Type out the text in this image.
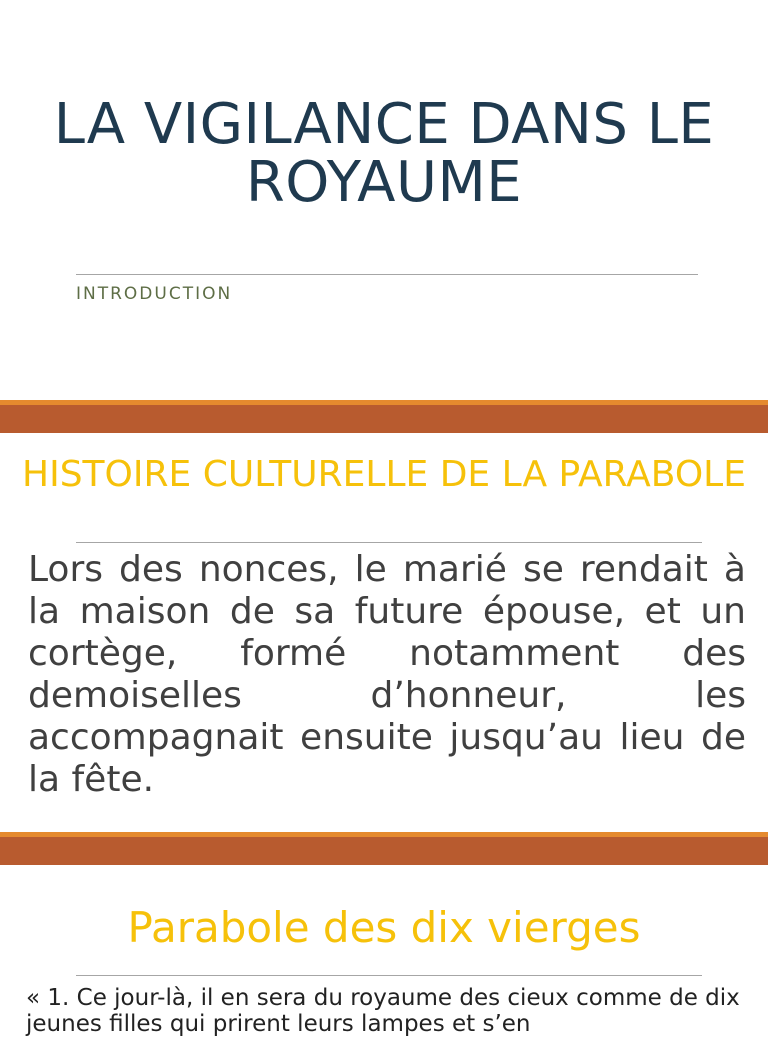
LA VIGILANCE DANS LE ROYAUME
INTRODUCTION
HISTOIRE CULTURELLE DE LA PARABOLE

Lors des nonces, le marié se rendait à la maison de sa future épouse, et un cortège, formé notamment des demoiselles d’honneur, les accompagnait ensuite jusqu’au lieu de la fête.

Parabole des dix vierges

« 1. Ce jour-là, il en sera du royaume des cieux comme de dix jeunes filles qui prirent leurs lampes et s’en
